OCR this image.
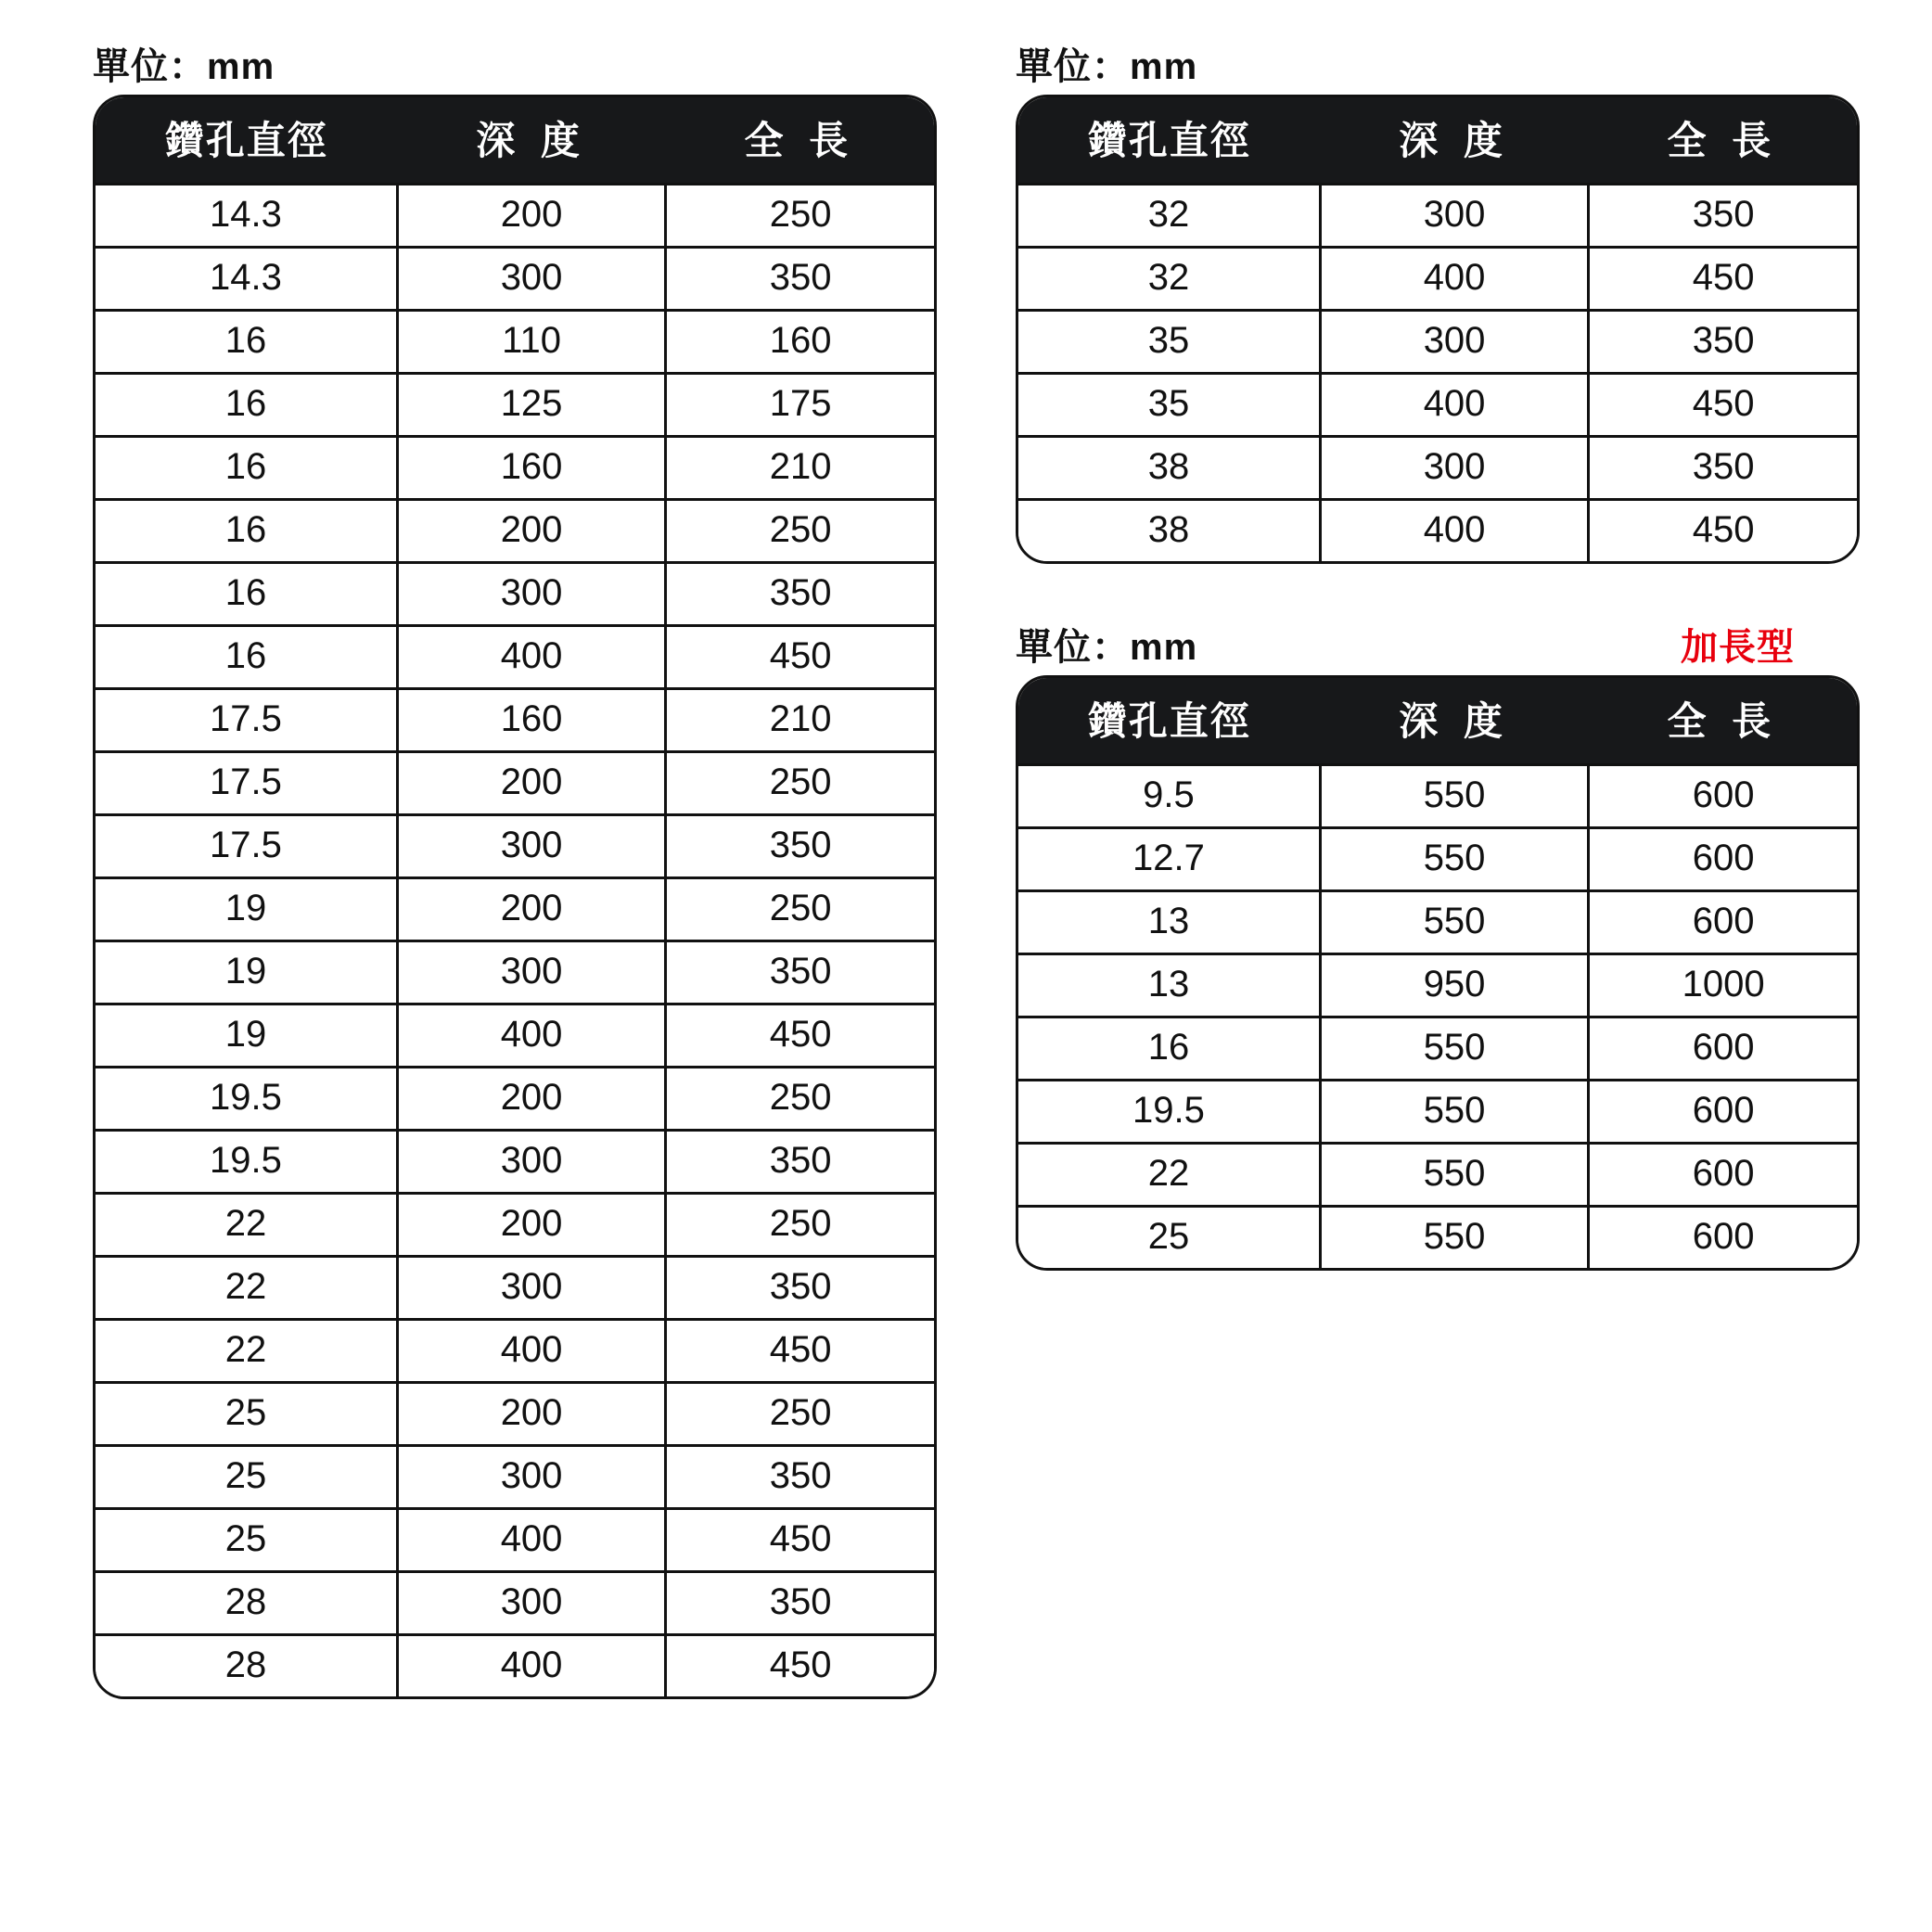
單位：mm
鑽孔直徑	深 度	全 長
14.3	200	250
14.3	300	350
16	110	160
16	125	175
16	160	210
16	200	250
16	300	350
16	400	450
17.5	160	210
17.5	200	250
17.5	300	350
19	200	250
19	300	350
19	400	450
19.5	200	250
19.5	300	350
22	200	250
22	300	350
22	400	450
25	200	250
25	300	350
25	400	450
28	300	350
28	400	450
單位：mm
鑽孔直徑	深 度	全 長
32	300	350
32	400	450
35	300	350
35	400	450
38	300	350
38	400	450
單位：mm	加長型
鑽孔直徑	深 度	全 長
9.5	550	600
12.7	550	600
13	550	600
13	950	1000
16	550	600
19.5	550	600
22	550	600
25	550	600
